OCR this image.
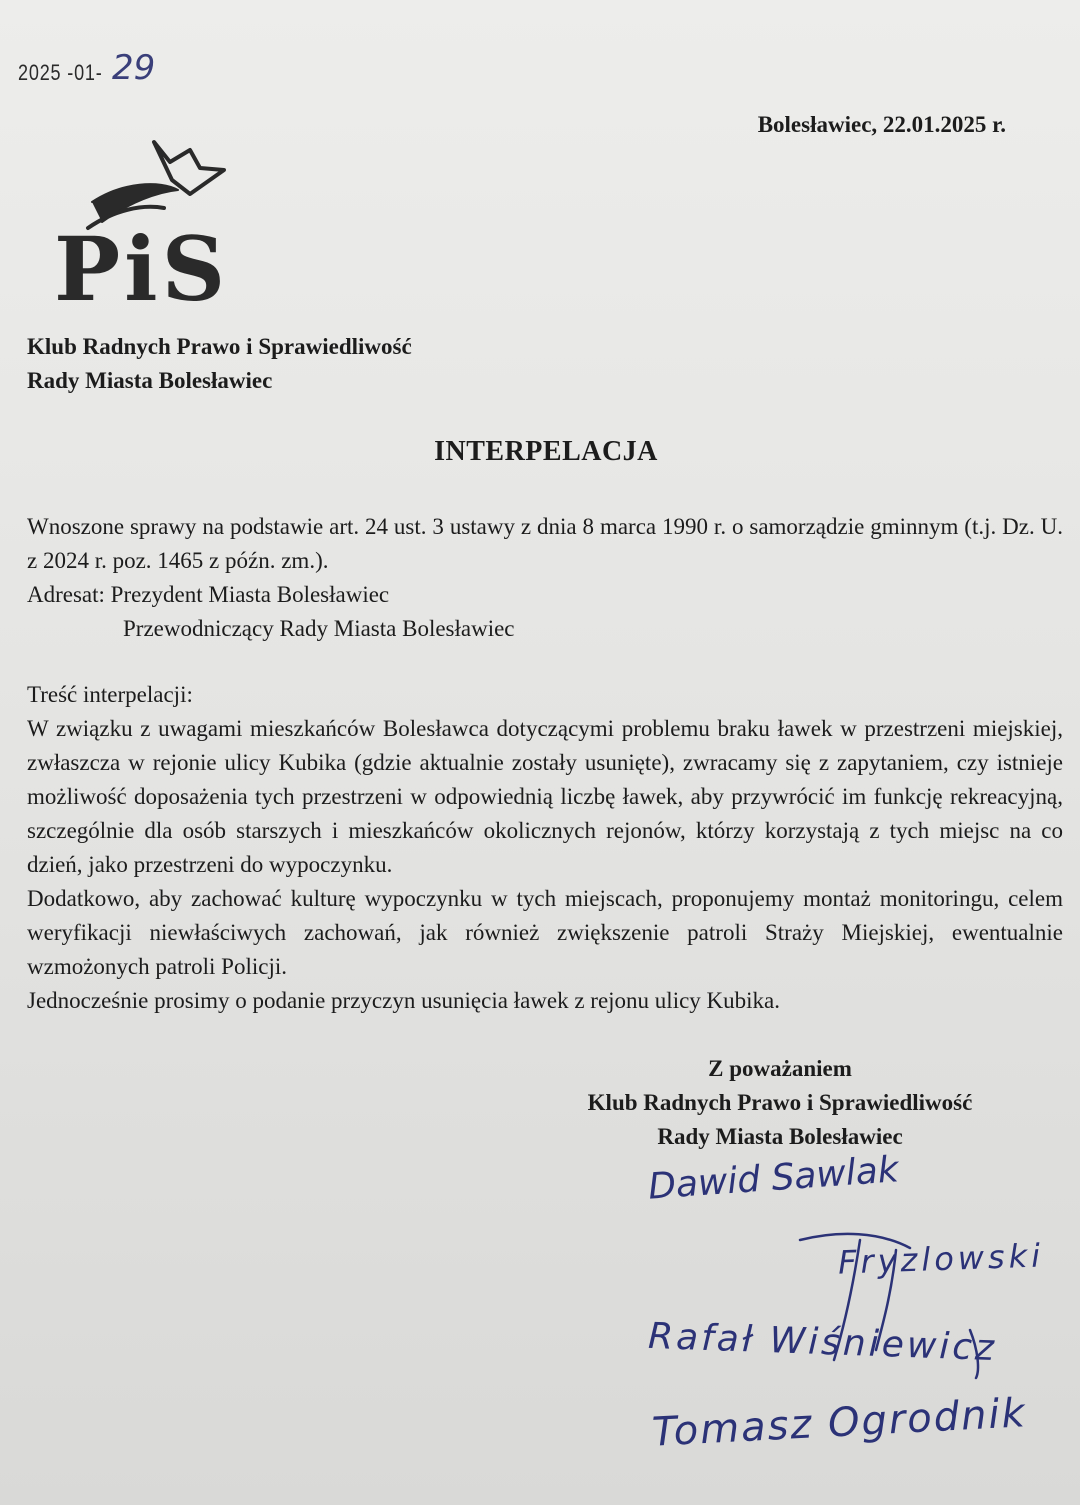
2025 -01- 29
Bolesławiec, 22.01.2025 r.
PiS
Klub Radnych Prawo i Sprawiedliwość
Rady Miasta Bolesławiec
INTERPELACJA

Wnoszone sprawy na podstawie art. 24 ust. 3 ustawy z dnia 8 marca 1990 r. o samorządzie gminnym (t.j. Dz. U. z 2024 r. poz. 1465 z późn. zm.).

Adresat: Prezydent Miasta Bolesławiec

Przewodniczący Rady Miasta Bolesławiec

Treść interpelacji:

W związku z uwagami mieszkańców Bolesławca dotyczącymi problemu braku ławek w przestrzeni miejskiej, zwłaszcza w rejonie ulicy Kubika (gdzie aktualnie zostały usunięte), zwracamy się z zapytaniem, czy istnieje możliwość doposażenia tych przestrzeni w odpowiednią liczbę ławek, aby przywrócić im funkcję rekreacyjną, szczególnie dla osób starszych i mieszkańców okolicznych rejonów, którzy korzystają z tych miejsc na co dzień, jako przestrzeni do wypoczynku.

Dodatkowo, aby zachować kulturę wypoczynku w tych miejscach, proponujemy montaż monitoringu, celem weryfikacji niewłaściwych zachowań, jak również zwiększenie patroli Straży Miejskiej, ewentualnie wzmożonych patroli Policji.

Jednocześnie prosimy o podanie przyczyn usunięcia ławek z rejonu ulicy Kubika.

Z poważaniem
Klub Radnych Prawo i Sprawiedliwość
Rady Miasta Bolesławiec
Dawid Sawlak
Fryzlowski
Rafał Wiśniewicz
Tomasz Ogrodnik
